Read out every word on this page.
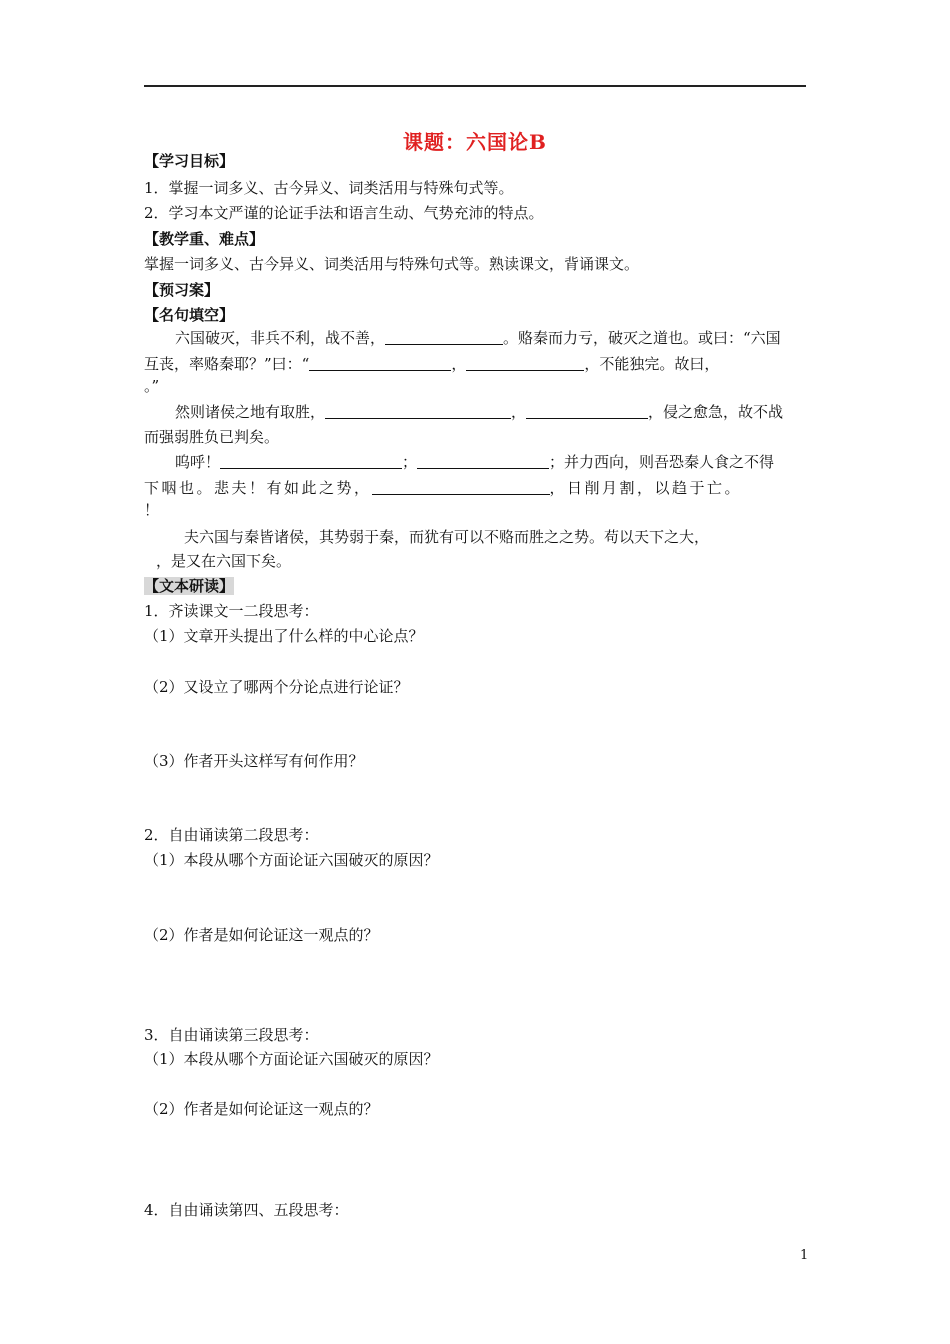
课题：六国论B
【学习目标】
1．掌握一词多义、古今异义、词类活用与特殊句式等。
2．学习本文严谨的论证手法和语言生动、气势充沛的特点。
【教学重、难点】
掌握一词多义、古今异义、词类活用与特殊句式等。熟读课文，背诵课文。
【预习案】
【名句填空】
六国破灭，非兵不利，战不善，	。赂秦而力亏，破灭之道也。或曰：“六国
互丧，率赂秦耶？”曰：“	，	，不能独完。故曰，
。”
然则诸侯之地有取胜，	，	，侵之愈急，故不战
而强弱胜负已判矣。
呜呼！	；	；并力西向，则吾恐秦人食之不得
下咽也。悲夫！有如此之势，	，日削月割，以趋于亡。
！
夫六国与秦皆诸侯，其势弱于秦，而犹有可以不赂而胜之之势。苟以天下之大，
，是又在六国下矣。
【文本研读】
1．齐读课文一二段思考：
（1）文章开头提出了什么样的中心论点？
（2）又设立了哪两个分论点进行论证？
（3）作者开头这样写有何作用？
2．自由诵读第二段思考：
（1）本段从哪个方面论证六国破灭的原因？
（2）作者是如何论证这一观点的？
3．自由诵读第三段思考：
（1）本段从哪个方面论证六国破灭的原因？
（2）作者是如何论证这一观点的？
4．自由诵读第四、五段思考：
1
